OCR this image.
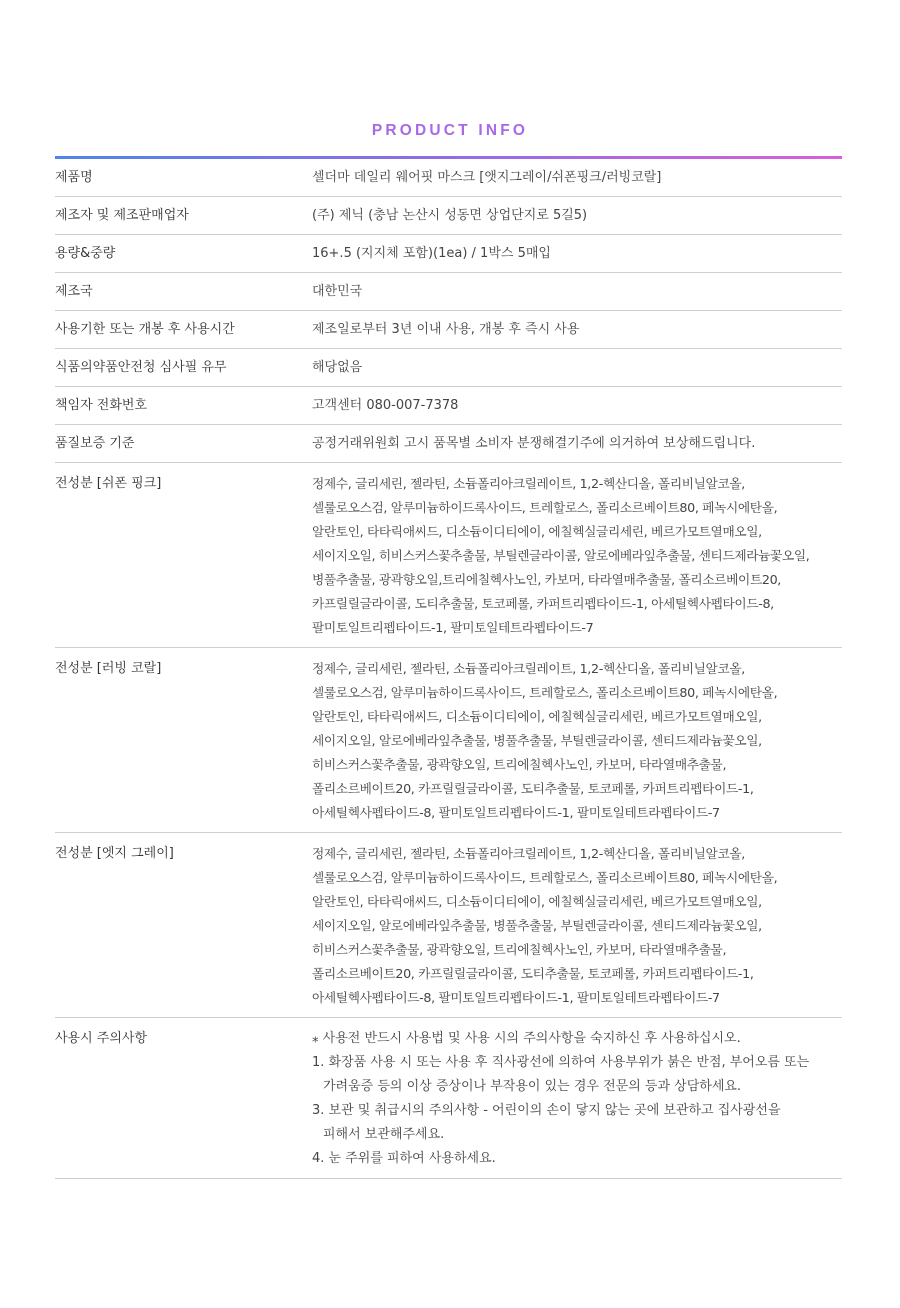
PRODUCT INFO
제품명	셀더마 데일리 웨어핏 마스크 [앳지그레이/쉬폰핑크/러빙코랄]
제조자 및 제조판매업자	(주) 제닉 (충남 논산시 성동면 상업단지로 5길5)
용량&중량	16+.5 (지지체 포함)(1ea) / 1박스 5매입
제조국	대한민국
사용기한 또는 개봉 후 사용시간	제조일로부터 3년 이내 사용, 개봉 후 즉시 사용
식품의약품안전청 심사필 유무	해당없음
책임자 전화번호	고객센터 080-007-7378
품질보증 기준	공정거래위원회 고시 품목별 소비자 분쟁해결기주에 의거하여 보상해드립니다.
전성분 [쉬폰 핑크]	정제수, 글리세린, 젤라틴, 소듐폴리아크릴레이트, 1,2-헥산디올, 폴리비닐알코올,
셀룰로오스검, 알루미늄하이드록사이드, 트레할로스, 폴리소르베이트80, 페녹시에탄올,
알란토인, 타타릭애씨드, 디소듐이디티에이, 에칠헥실글리세린, 베르가모트열매오일,
세이지오일, 히비스커스꽃추출물, 부틸렌글라이콜, 알로에베라잎추출물, 센티드제라늄꽃오일,
병풀추출물, 광곽향오일,트리에칠헥사노인, 카보머, 타라열매추출물, 폴리소르베이트20,
카프릴릴글라이콜, 도티추출물, 토코페롤, 카퍼트리펩타이드-1, 아세틸헥사펩타이드-8,
팔미토일트리펩타이드-1, 팔미토일테트라펩타이드-7
전성분 [러빙 코랄]	정제수, 글리세린, 젤라틴, 소듐폴리아크릴레이트, 1,2-헥산디올, 폴리비닐알코올,
셀룰로오스검, 알루미늄하이드록사이드, 트레할로스, 폴리소르베이트80, 페녹시에탄올,
알란토인, 타타릭애씨드, 디소듐이디티에이, 에칠헥실글리세린, 베르가모트열매오일,
세이지오일, 알로에베라잎추출물, 병풀추출물, 부틸렌글라이콜, 센티드제라늄꽃오일,
히비스커스꽃추출물, 광곽향오일, 트리에칠헥사노인, 카보머, 타라열매추출물,
폴리소르베이트20, 카프릴릴글라이콜, 도티추출물, 토코페롤, 카퍼트리펩타이드-1,
아세틸헥사펩타이드-8, 팔미토일트리펩타이드-1, 팔미토일테트라펩타이드-7
전성분 [엣지 그레이]	정제수, 글리세린, 젤라틴, 소듐폴리아크릴레이트, 1,2-헥산디올, 폴리비닐알코올,
셀룰로오스검, 알루미늄하이드록사이드, 트레할로스, 폴리소르베이트80, 페녹시에탄올,
알란토인, 타타릭애씨드, 디소듐이디티에이, 에칠헥실글리세린, 베르가모트열매오일,
세이지오일, 알로에베라잎추출물, 병풀추출물, 부틸렌글라이콜, 센티드제라늄꽃오일,
히비스커스꽃추출물, 광곽향오일, 트리에칠헥사노인, 카보머, 타라열매추출물,
폴리소르베이트20, 카프릴릴글라이콜, 도티추출물, 토코페롤, 카퍼트리펩타이드-1,
아세틸헥사펩타이드-8, 팔미토일트리펩타이드-1, 팔미토일테트라펩타이드-7
사용시 주의사항	⁎ 사용전 반드시 사용법 및 사용 시의 주의사항을 숙지하신 후 사용하십시오.
1. 화장품 사용 시 또는 사용 후 직사광선에 의하여 사용부위가 붉은 반점, 부어오름 또는
가려움증 등의 이상 증상이나 부작용이 있는 경우 전문의 등과 상담하세요.
3. 보관 및 취급시의 주의사항 - 어린이의 손이 닿지 않는 곳에 보관하고 집사광선을
피해서 보관해주세요.
4. 눈 주위를 피하여 사용하세요.
